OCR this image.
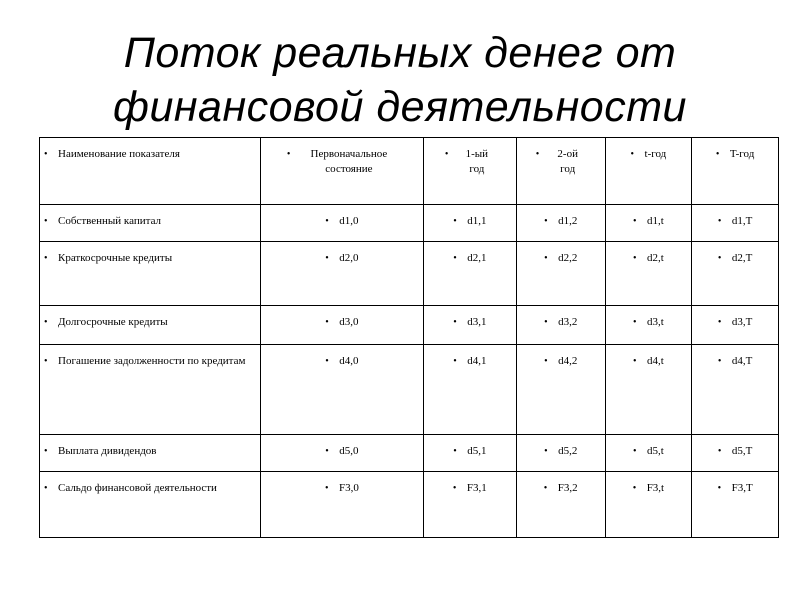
Поток реальных денег от
финансовой деятельности
• Наименование показателя	• Первоначальное состояние	• 1-ый год	• 2-ой год	• t-год	• T-год

• Собственный капитал	• d1,0	• d1,1	• d1,2	• d1,t	• d1,T

• Краткосрочные кредиты	• d2,0	• d2,1	• d2,2	• d2,t	• d2,T

• Долгосрочные кредиты	• d3,0	• d3,1	• d3,2	• d3,t	• d3,T

• Погашение задолженности по кредитам	• d4,0	• d4,1	• d4,2	• d4,t	• d4,T

• Выплата дивидендов	• d5,0	• d5,1	• d5,2	• d5,t	• d5,T

• Сальдо финансовой деятельности	• F3,0	• F3,1	• F3,2	• F3,t	• F3,T
